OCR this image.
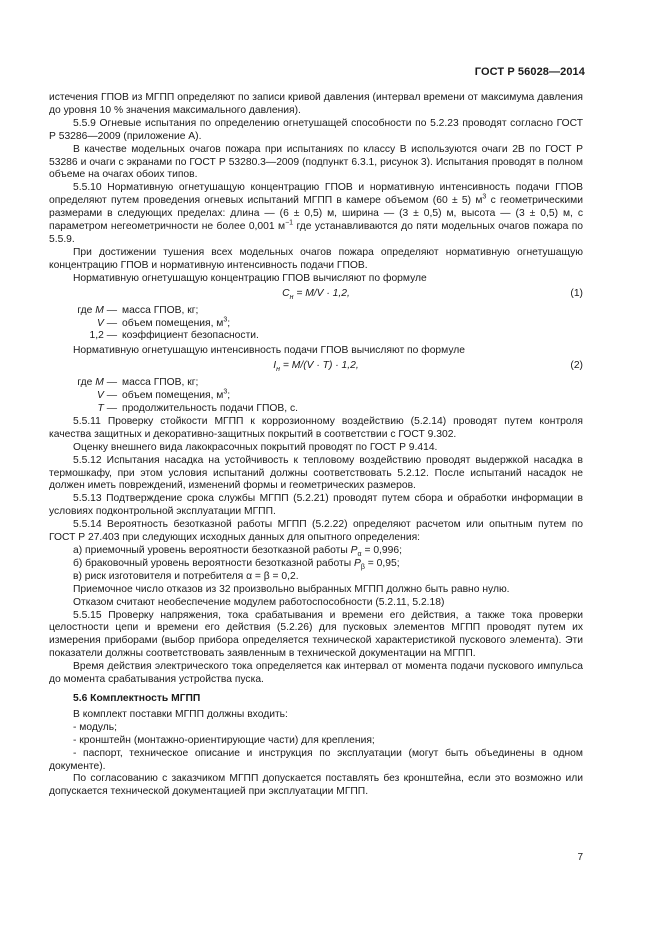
ГОСТ Р 56028—2014

истечения ГПОВ из МГПП определяют по записи кривой давления (интервал времени от максимума давления до уровня 10 % значения максимального давления).

5.5.9 Огневые испытания по определению огнетушащей способности по 5.2.23 проводят согласно ГОСТ Р 53286—2009 (приложение А).

В качестве модельных очагов пожара при испытаниях по классу В используются очаги 2В по ГОСТ Р 53286 и очаги с экранами по ГОСТ Р 53280.3—2009 (подпункт 6.3.1, рисунок 3). Испытания проводят в полном объеме на очагах обоих типов.

5.5.10 Нормативную огнетушащую концентрацию ГПОВ и нормативную интенсивность подачи ГПОВ определяют путем проведения огневых испытаний МГПП в камере объемом (60 ± 5) $м^3$ с геометрическими размерами в следующих пределах: длина — (6 ± 0,5) м, ширина — (3 ± 0,5) м, высота — (3 ± 0,5) м, с параметром негеометричности не более 0,001 $м^{-1}$ где устанавливаются до пяти модельных очагов пожара по 5.5.9.

При достижении тушения всех модельных очагов пожара определяют нормативную огнетушащую концентрацию ГПОВ и нормативную интенсивность подачи ГПОВ.

Нормативную огнетушащую концентрацию ГПОВ вычисляют по формуле

$C_н = M/V \cdot 1,2$,	(1)
где M — масса ГПОВ, кг;
V — объем помещения, $м^3$;
1,2 — коэффициент безопасности.

Нормативную огнетушащую интенсивность подачи ГПОВ вычисляют по формуле

$I_н = M/(V \cdot T) \cdot 1,2$,	(2)
где M — масса ГПОВ, кг;
V — объем помещения, $м^3$;
T — продолжительность подачи ГПОВ, с.

5.5.11 Проверку стойкости МГПП к коррозионному воздействию (5.2.14) проводят путем контроля качества защитных и декоративно-защитных покрытий в соответствии с ГОСТ 9.302.

Оценку внешнего вида лакокрасочных покрытий проводят по ГОСТ Р 9.414.

5.5.12 Испытания насадка на устойчивость к тепловому воздействию проводят выдержкой насадка в термошкафу, при этом условия испытаний должны соответствовать 5.2.12. После испытаний насадок не должен иметь повреждений, изменений формы и геометрических размеров.

5.5.13 Подтверждение срока службы МГПП (5.2.21) проводят путем сбора и обработки информации в условиях подконтрольной эксплуатации МГПП.

5.5.14 Вероятность безотказной работы МГПП (5.2.22) определяют расчетом или опытным путем по ГОСТ Р 27.403 при следующих исходных данных для опытного определения:

а) приемочный уровень вероятности безотказной работы $P_\alpha = 0,996$;
б) браковочный уровень вероятности безотказной работы $P_\beta = 0,95$;
в) риск изготовителя и потребителя α = β = 0,2.

Приемочное число отказов из 32 произвольно выбранных МГПП должно быть равно нулю.

Отказом считают необеспечение модулем работоспособности (5.2.11, 5.2.18)

5.5.15 Проверку напряжения, тока срабатывания и времени его действия, а также тока проверки целостности цепи и времени его действия (5.2.26) для пусковых элементов МГПП проводят путем их измерения приборами (выбор прибора определяется технической характеристикой пускового элемента). Эти показатели должны соответствовать заявленным в технической документации на МГПП.

Время действия электрического тока определяется как интервал от момента подачи пускового импульса до момента срабатывания устройства пуска.

5.6 Комплектность МГПП

В комплект поставки МГПП должны входить:

- модуль;

- кронштейн (монтажно-ориентирующие части) для крепления;

- паспорт, техническое описание и инструкция по эксплуатации (могут быть объединены в одном документе).

По согласованию с заказчиком МГПП допускается поставлять без кронштейна, если это возможно или допускается технической документацией при эксплуатации МГПП.

7
